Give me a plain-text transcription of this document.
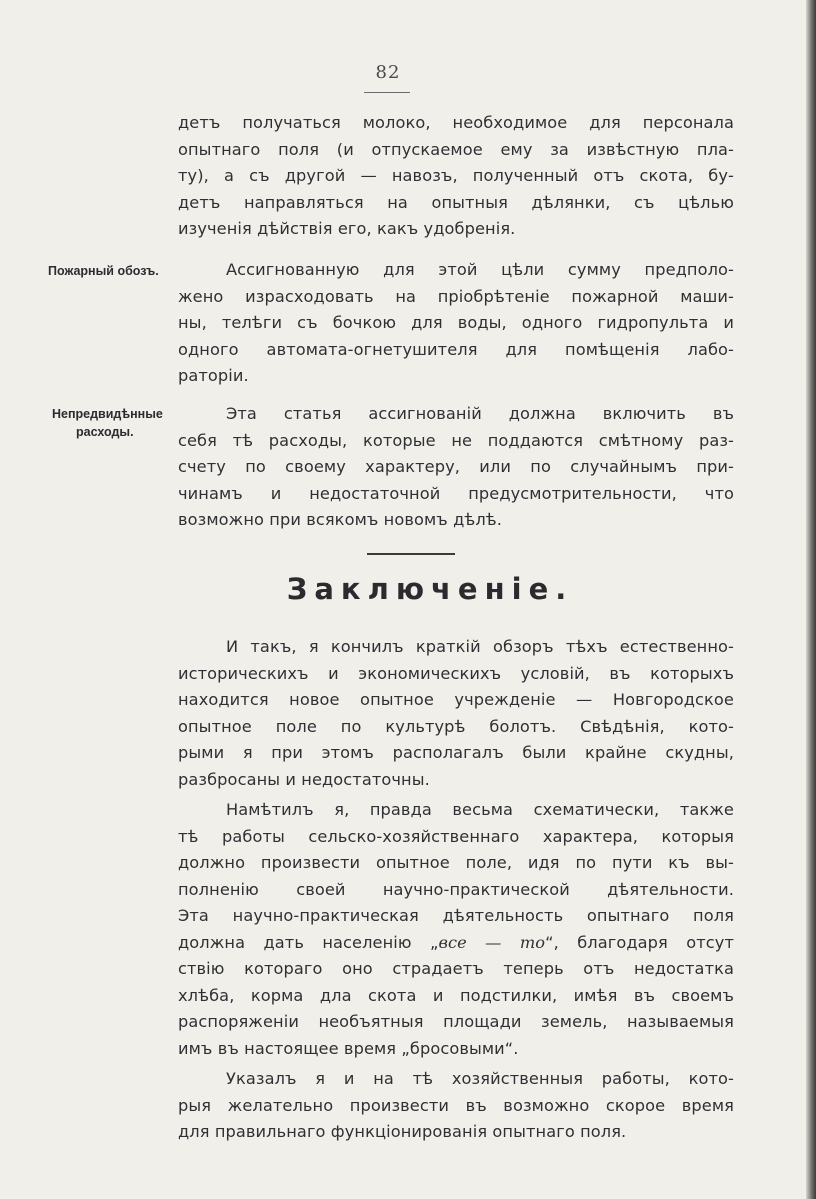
82
детъ получаться молоко, необходимое для персонала
опытнаго поля (и отпускаемое ему за извѣстную пла-
ту), а съ другой — навозъ, полученный отъ скота, бу-
детъ направляться на опытныя дѣлянки, съ цѣлью
изученія дѣйствія его, какъ удобренія.
Пожарный обозъ.	Ассигнованную для этой цѣли сумму предполо-
жено израсходовать на пріобрѣтеніе пожарной маши-
ны, телѣги съ бочкою для воды, одного гидропульта и
одного автомата-огнетушителя для помѣщенія лабо-
раторіи.
Непредвидѣнные
расходы.
Эта статья ассигнованій должна включить въ
себя тѣ расходы, которые не поддаются смѣтному раз-
счету по своему характеру, или по случайнымъ при-
чинамъ и недостаточной предусмотрительности, что
возможно при всякомъ новомъ дѣлѣ.
Заключеніе.
И такъ, я кончилъ краткій обзоръ тѣхъ естественно-
историческихъ и экономическихъ условій, въ которыхъ
находится новое опытное учрежденіе — Новгородское
опытное поле по культурѣ болотъ. Свѣдѣнія, кото-
рыми я при этомъ располагалъ были крайне скудны,
разбросаны и недостаточны.
Намѣтилъ я, правда весьма схематически, также
тѣ работы сельско-хозяйственнаго характера, которыя
должно произвести опытное поле, идя по пути къ вы-
полненію своей научно-практической дѣятельности.
Эта научно-практическая дѣятельность опытнаго поля
должна дать населенію „все — то“, благодаря отсут
ствію котораго оно страдаетъ теперь отъ недостатка
хлѣба, корма дла скота и подстилки, имѣя въ своемъ
распоряженіи необъятныя площади земель, называемыя
имъ въ настоящее время „бросовыми“.
Указалъ я и на тѣ хозяйственныя работы, кото-
рыя желательно произвести въ возможно скорое время
для правильнаго функціонированія опытнаго поля.
